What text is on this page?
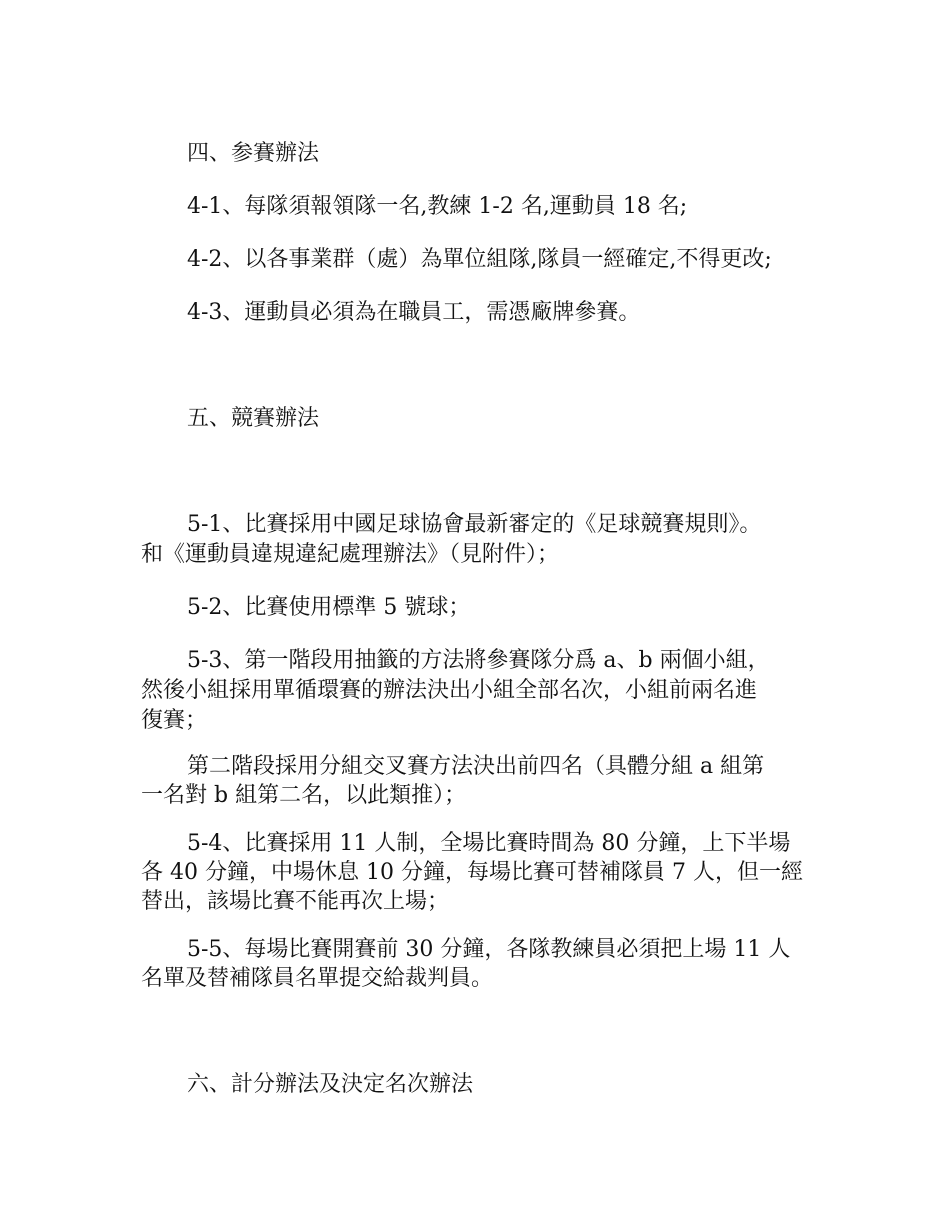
四、参賽辦法
4-1、每隊須報領隊一名,教練 1-2 名,運動員 18 名;
4-2、以各事業群（處）為單位組隊,隊員一經確定,不得更改;
4-3、運動員必須為在職員工，需憑廠牌參賽。
五、競賽辦法
5-1、比賽採用中國足球協會最新審定的《足球競賽規則》。
和《運動員違規違紀處理辦法》（見附件）；
5-2、比賽使用標準 5 號球；
5-3、第一階段用抽籤的方法將參賽隊分爲 a、b 兩個小組，
然後小組採用單循環賽的辦法決出小組全部名次，小組前兩名進
復賽；
第二階段採用分組交叉賽方法決出前四名（具體分組 a 組第
一名對 b 組第二名，以此類推）；
5-4、比賽採用 11 人制，全場比賽時間為 80 分鐘，上下半場
各 40 分鐘，中場休息 10 分鐘，每場比賽可替補隊員 7 人，但一經
替出，該場比賽不能再次上場；
5-5、每場比賽開賽前 30 分鐘，各隊教練員必須把上場 11 人
名單及替補隊員名單提交給裁判員。
六、計分辦法及決定名次辦法
